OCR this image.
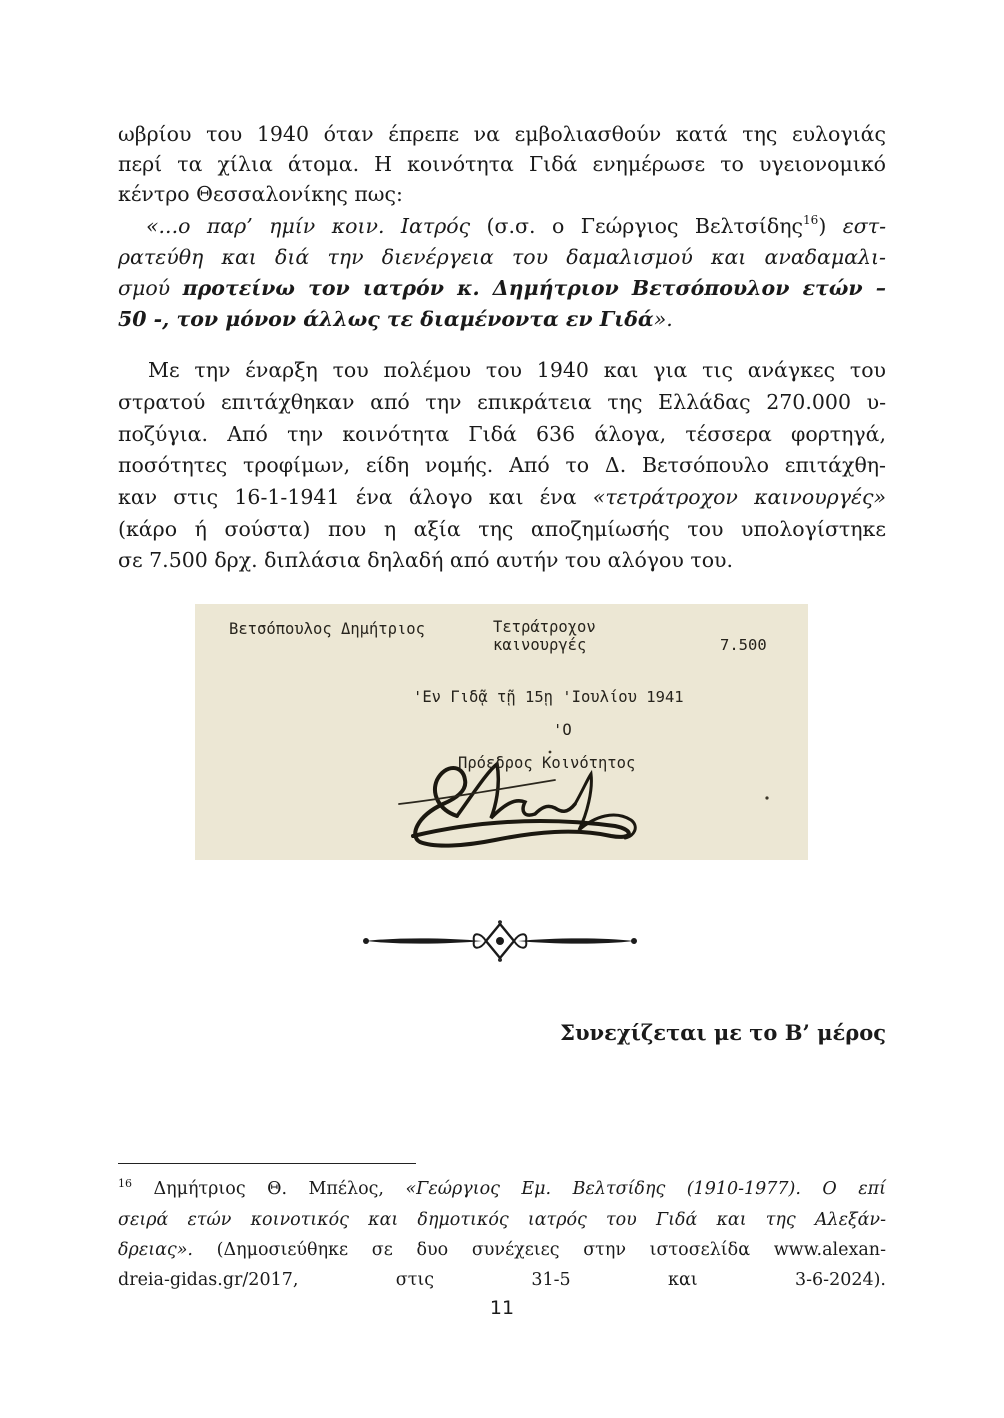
ωβρίου του 1940 όταν έπρεπε να εμβολιασθούν κατά της ευλογιάς
περί τα χίλια άτομα. Η κοινότητα Γιδά ενημέρωσε το υγειονομικό
κέντρο Θεσσαλονίκης πως:
«...ο παρ’ ημίν κοιν. Ιατρός (σ.σ. ο Γεώργιος Βελτσίδης$^{16}$) εστ-
ρατεύθη και διά την διενέργεια του δαμαλισμού και αναδαμαλι-
σμού προτείνω τον ιατρόν κ. Δημήτριον Βετσόπουλον ετών –
50 -, τον μόνον άλλως τε διαμένοντα εν Γιδά».
Με την έναρξη του πολέμου του 1940 και για τις ανάγκες του
στρατού επιτάχθηκαν από την επικράτεια της Ελλάδας 270.000 υ-
ποζύγια. Από την κοινότητα Γιδά 636 άλογα, τέσσερα φορτηγά,
ποσότητες τροφίμων, είδη νομής. Από το Δ. Βετσόπουλο επιτάχθη-
καν στις 16-1-1941 ένα άλογο και ένα «τετράτροχον καινουργές»
(κάρο ή σούστα) που η αξία της αποζημίωσής του υπολογίστηκε
σε 7.500 δρχ. διπλάσια δηλαδή από αυτήν του αλόγου του.
Βετσόπουλος Δημήτριος	Τετράτροχον
καινουργές	7.500
'Εν Γιδᾷ τῇ 15ῃ 'Ιουλίου 1941
'Ο
Πρόεδρος Κοινότητος
Συνεχίζεται με το Β’ μέρος
$^{16}$ Δημήτριος Θ. Μπέλος, «Γεώργιος Εμ. Βελτσίδης (1910-1977). Ο επί
σειρά ετών κοινοτικός και δημοτικός ιατρός του Γιδά και της Αλεξάν-
δρειας». (Δημοσιεύθηκε σε δυο συνέχειες στην ιστοσελίδα www.alexan-
dreia-gidas.gr/2017, στις 31-5 και 3-6-2024).
11
